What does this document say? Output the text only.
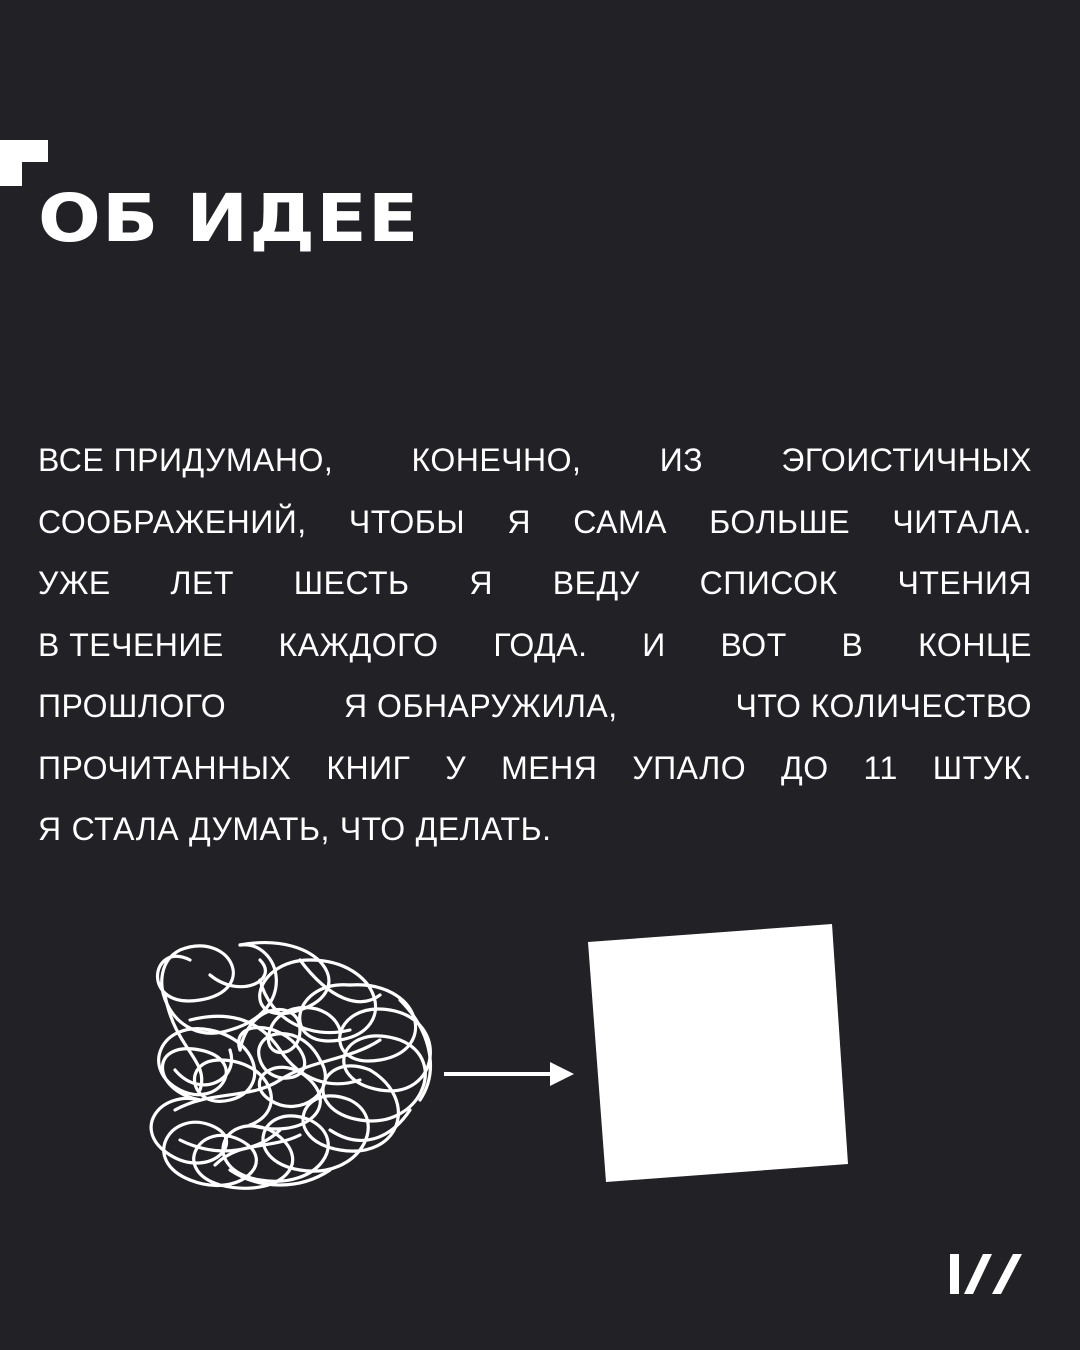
ОБ ИДЕЕ
ВСЕ ПРИДУМАНО, КОНЕЧНО, ИЗ ЭГОИСТИЧНЫХ
СООБРАЖЕНИЙ, ЧТОБЫ Я САМА БОЛЬШЕ ЧИТАЛА.
УЖЕ ЛЕТ ШЕСТЬ Я ВЕДУ СПИСОК ЧТЕНИЯ
В ТЕЧЕНИЕ КАЖДОГО ГОДА. И ВОТ В КОНЦЕ
ПРОШЛОГО	Я ОБНАРУЖИЛА,	ЧТО КОЛИЧЕСТВО
ПРОЧИТАННЫХ КНИГ У МЕНЯ УПАЛО ДО 11 ШТУК.
Я СТАЛА ДУМАТЬ, ЧТО ДЕЛАТЬ.
